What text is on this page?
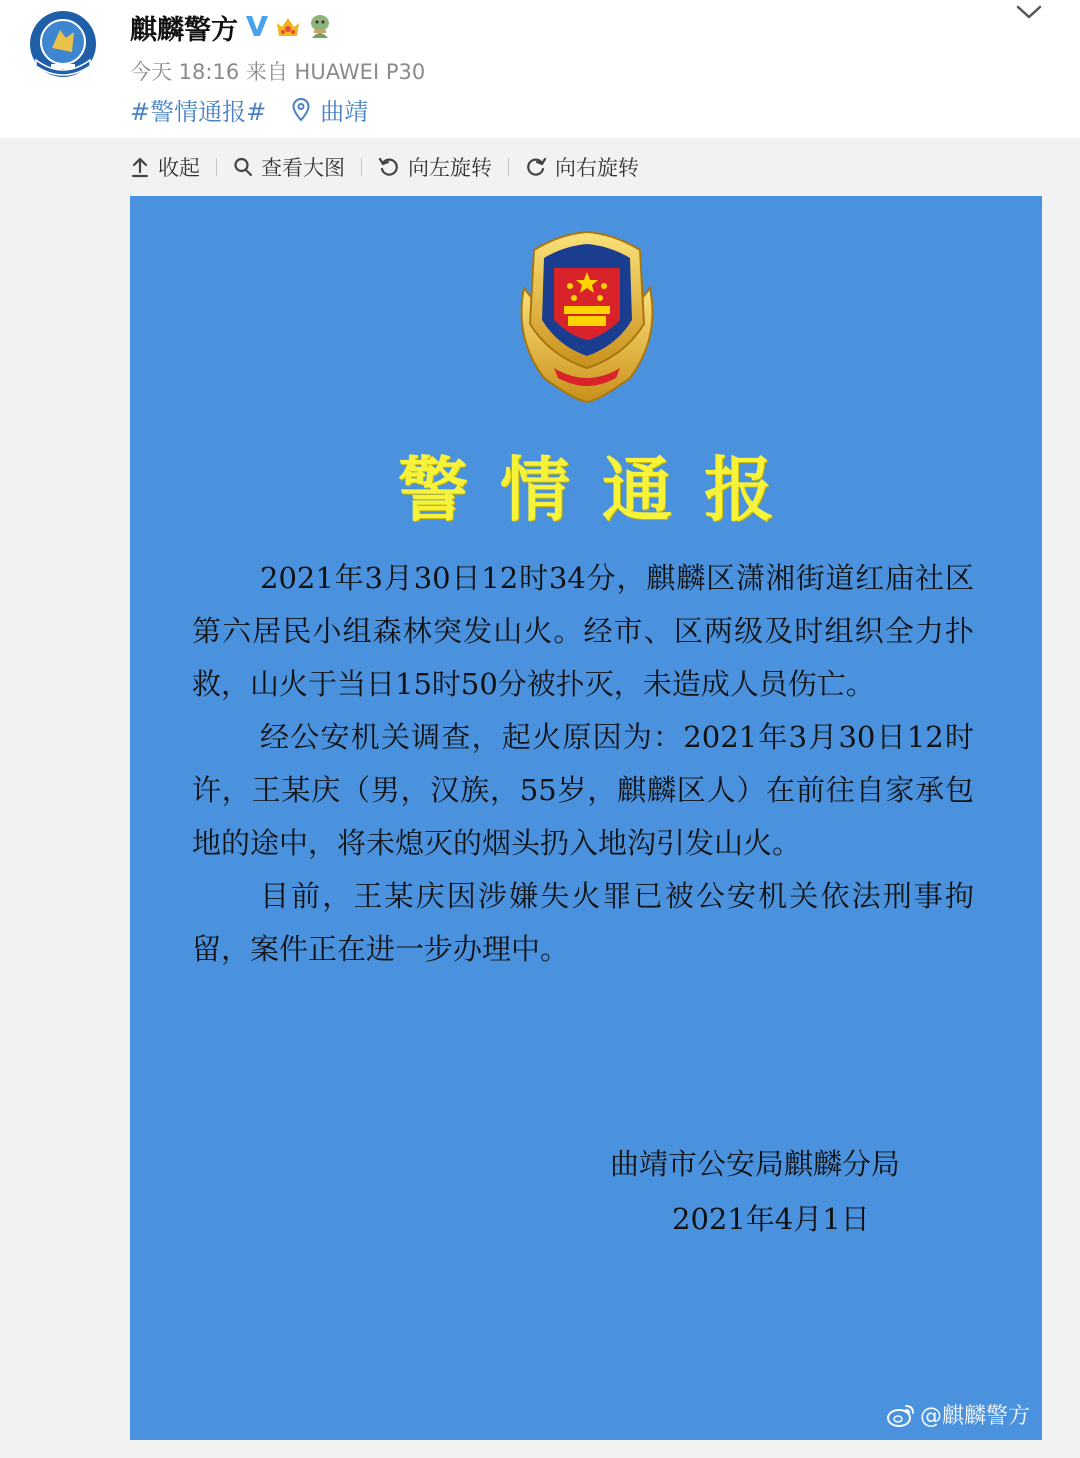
麒麟警方
今天 18:16 来自 HUAWEI P30
#警情通报# 曲靖
收起	查看大图	向左旋转	向右旋转
警情通报

2021年3月30日12时34分，麒麟区潇湘街道红庙社区第六居民小组森林突发山火。经市、区两级及时组织全力扑救，山火于当日15时50分被扑灭，未造成人员伤亡。

经公安机关调查，起火原因为：2021年3月30日12时许，王某庆（男，汉族，55岁，麒麟区人）在前往自家承包地的途中，将未熄灭的烟头扔入地沟引发山火。

目前，王某庆因涉嫌失火罪已被公安机关依法刑事拘留，案件正在进一步办理中。

曲靖市公安局麒麟分局
2021年4月1日
@麒麟警方
